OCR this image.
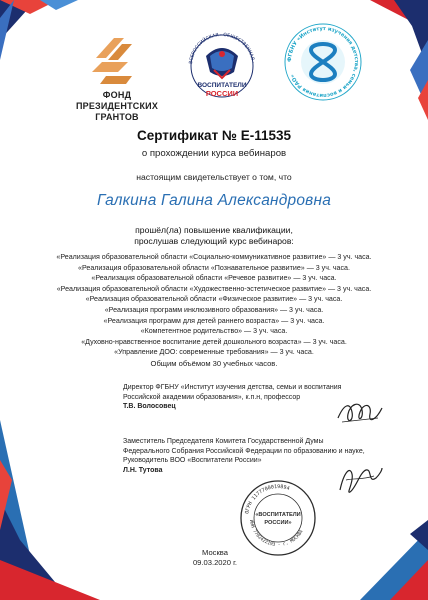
ФОНД
ПРЕЗИДЕНТСКИХ
ГРАНТОВ
ВСЕРОССИЙСКАЯ · ОБЩЕСТВЕННАЯ ·
ВОСПИТАТЕЛИ
РОССИИ
ФГБНУ «Институт изучения детства, семьи и воспитания РАО»
Сертификат № Е-11535
о прохождении курса вебинаров
настоящим свидетельствует о том, что
Галкина Галина Александровна
прошёл(ла) повышение квалификации,
прослушав следующий курс вебинаров:
«Реализация образовательной области «Социально-коммуникативное развитие» — 3 уч. часа.
«Реализация образовательной области «Познавательное развитие» — 3 уч. часа.
«Реализация образовательной области «Речевое развитие» — 3 уч. часа.
«Реализация образовательной области «Художественно-эстетическое развитие» — 3 уч. часа.
«Реализация образовательной области «Физическое развитие» — 3 уч. часа.
«Реализация программ инклюзивного образования» — 3 уч. часа.
«Реализация программ для детей раннего возраста» — 3 уч. часа.
«Компетентное родительство» — 3 уч. часа.
«Духовно-нравственное воспитание детей дошкольного возраста» — 3 уч. часа.
«Управление ДОО: современные требования» — 3 уч. часа.
Общим объёмом 30 учебных часов.
Директор ФГБНУ «Институт изучения детства, семьи и воспитания
Российской академии образования», к.п.н, профессор
Т.В. Волосовец
Заместитель Председателя Комитета Государственной Думы
Федерального Собрания Российской Федерации по образованию и науке,
Руководитель ВОО «Воспитатели России»
Л.Н. Тутова
ОГРН 1177700019894
ИНН 7702422193 · г. МОСКВА
«ВОСПИТАТЕЛИ
РОССИИ»
Москва
09.03.2020 г.
